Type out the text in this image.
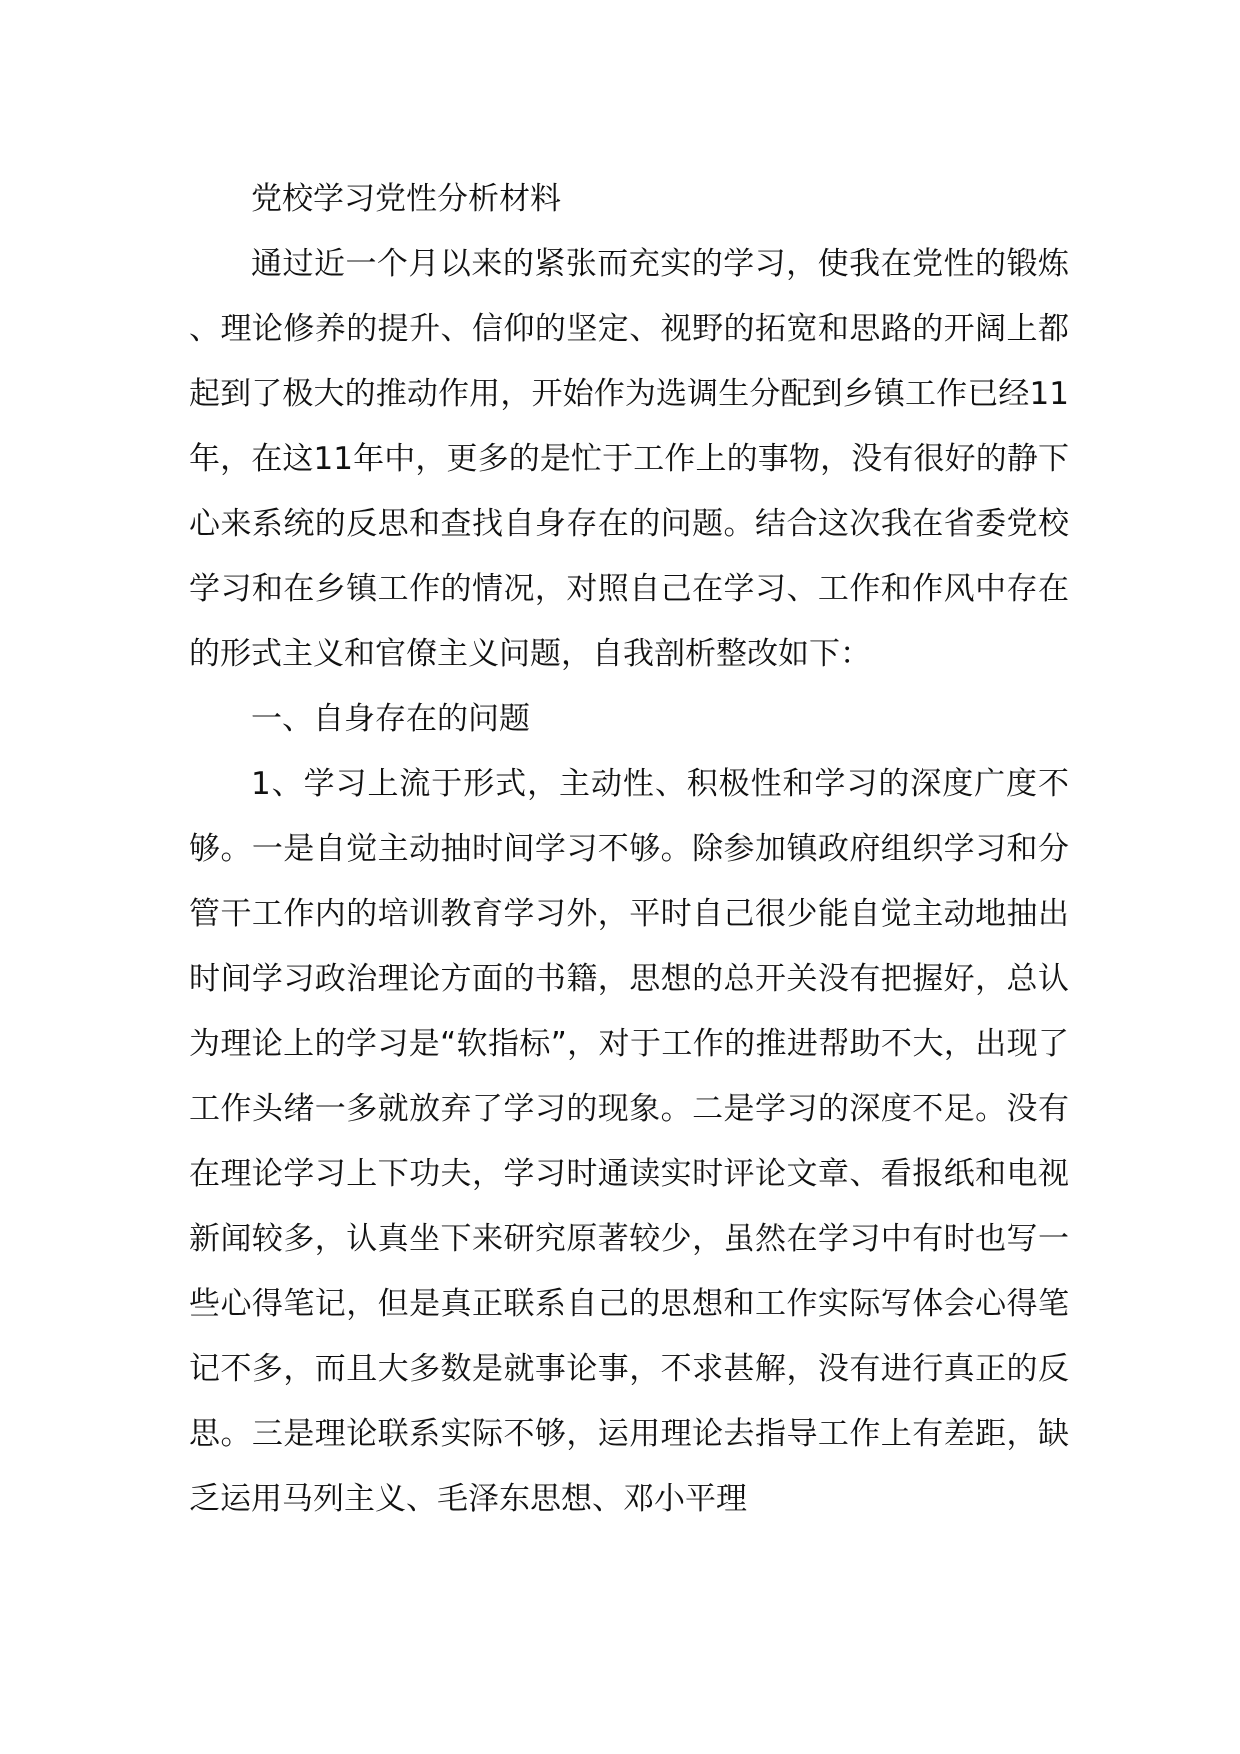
党校学习党性分析材料

通过近一个月以来的紧张而充实的学习，使我在党性的锻炼、理论修养的提升、信仰的坚定、视野的拓宽和思路的开阔上都起到了极大的推动作用，开始作为选调生分配到乡镇工作已经11年，在这11年中，更多的是忙于工作上的事物，没有很好的静下心来系统的反思和查找自身存在的问题。结合这次我在省委党校学习和在乡镇工作的情况，对照自己在学习、工作和作风中存在的形式主义和官僚主义问题，自我剖析整改如下：

一、自身存在的问题

1、学习上流于形式，主动性、积极性和学习的深度广度不够。一是自觉主动抽时间学习不够。除参加镇政府组织学习和分管干工作内的培训教育学习外，平时自己很少能自觉主动地抽出时间学习政治理论方面的书籍，思想的总开关没有把握好，总认为理论上的学习是“软指标”，对于工作的推进帮助不大，出现了工作头绪一多就放弃了学习的现象。二是学习的深度不足。没有在理论学习上下功夫，学习时通读实时评论文章、看报纸和电视新闻较多，认真坐下来研究原著较少，虽然在学习中有时也写一些心得笔记，但是真正联系自己的思想和工作实际写体会心得笔记不多，而且大多数是就事论事，不求甚解，没有进行真正的反思。三是理论联系实际不够，运用理论去指导工作上有差距，缺乏运用马列主义、毛泽东思想、邓小平理
